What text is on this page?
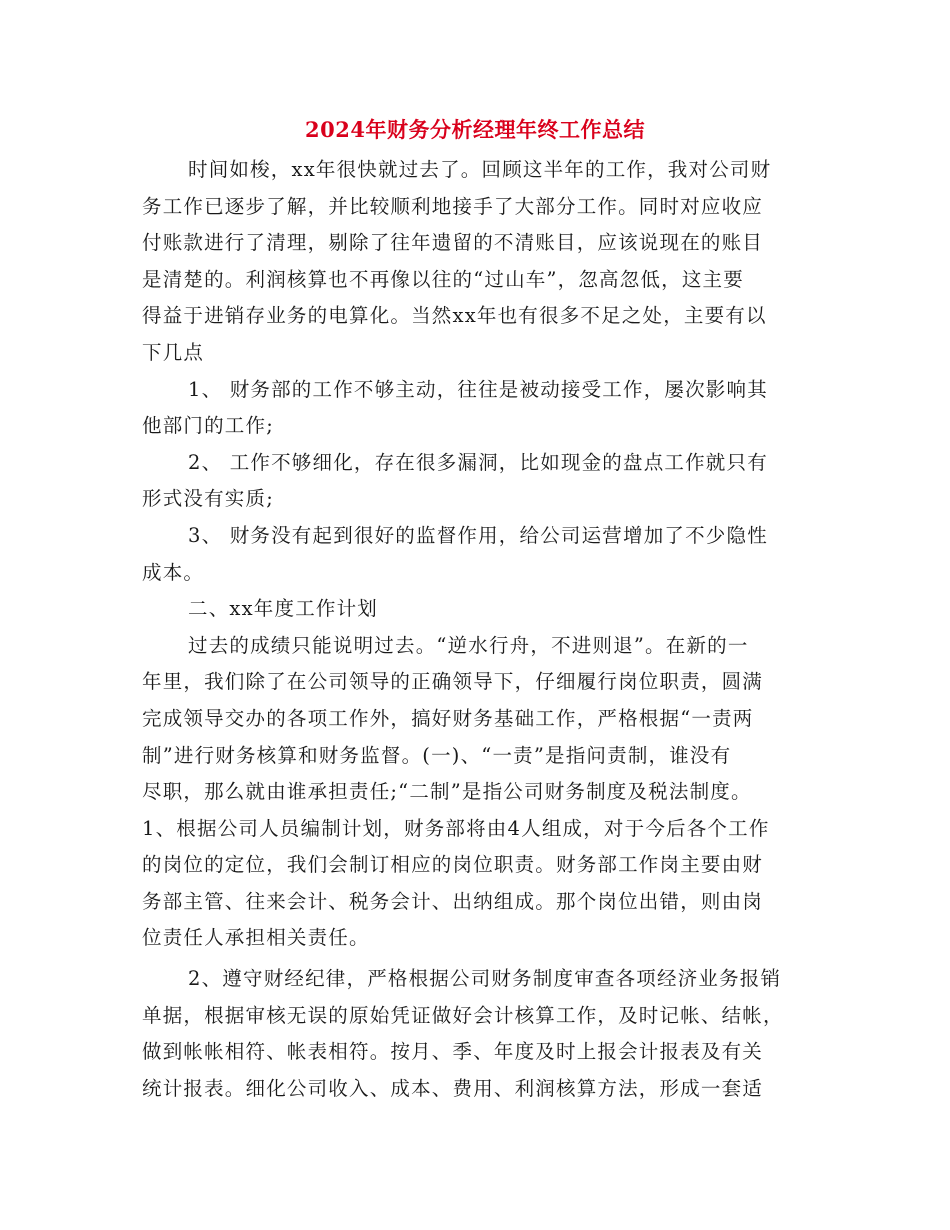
2024年财务分析经理年终工作总结
时间如梭，xx年很快就过去了。回顾这半年的工作，我对公司财
务工作已逐步了解，并比较顺利地接手了大部分工作。同时对应收应
付账款进行了清理，剔除了往年遗留的不清账目，应该说现在的账目
是清楚的。利润核算也不再像以往的“过山车”，忽高忽低，这主要
得益于进销存业务的电算化。当然xx年也有很多不足之处，主要有以
下几点
1、 财务部的工作不够主动，往往是被动接受工作，屡次影响其
他部门的工作;
2、 工作不够细化，存在很多漏洞，比如现金的盘点工作就只有
形式没有实质;
3、 财务没有起到很好的监督作用，给公司运营增加了不少隐性
成本。
二、xx年度工作计划
过去的成绩只能说明过去。“逆水行舟，不进则退”。在新的一
年里，我们除了在公司领导的正确领导下，仔细履行岗位职责，圆满
完成领导交办的各项工作外，搞好财务基础工作，严格根据“一责两
制”进行财务核算和财务监督。(一)、“一责”是指问责制，谁没有
尽职，那么就由谁承担责任;“二制”是指公司财务制度及税法制度。
1、根据公司人员编制计划，财务部将由4人组成，对于今后各个工作
的岗位的定位，我们会制订相应的岗位职责。财务部工作岗主要由财
务部主管、往来会计、税务会计、出纳组成。那个岗位出错，则由岗
位责任人承担相关责任。
2、遵守财经纪律，严格根据公司财务制度审查各项经济业务报销
单据，根据审核无误的原始凭证做好会计核算工作，及时记帐、结帐，
做到帐帐相符、帐表相符。按月、季、年度及时上报会计报表及有关
统计报表。细化公司收入、成本、费用、利润核算方法，形成一套适
